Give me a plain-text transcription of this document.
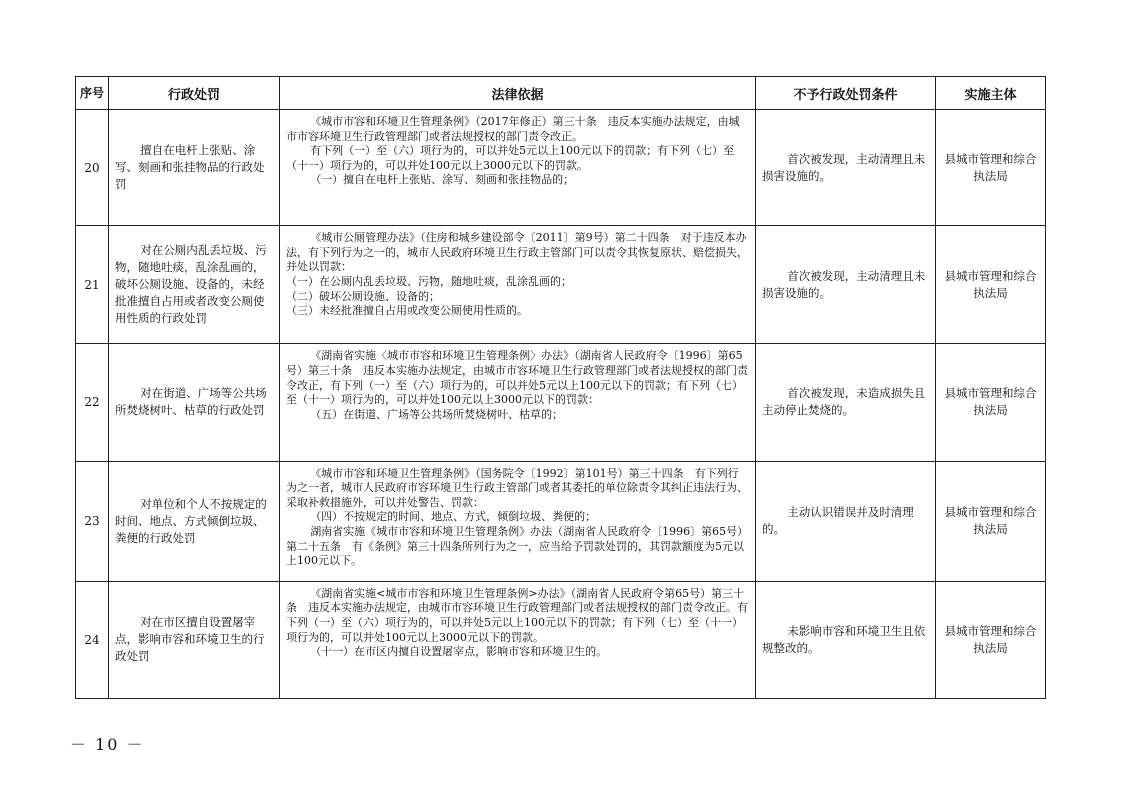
序号	行政处罚	法律依据	不予行政处罚条件	实施主体
20	擅自在电杆上张贴、涂写、刻画和张挂物品的行政处罚	《城市市容和环境卫生管理条例》（2017年修正）第三十条　违反本实施办法规定，由城市市容环境卫生行政管理部门或者法规授权的部门责令改正。

有下列（一）至（六）项行为的，可以并处5元以上100元以下的罚款；有下列（七）至（十一）项行为的，可以并处100元以上3000元以下的罚款。

（一）擅自在电杆上张贴、涂写、刻画和张挂物品的；	首次被发现，主动清理且未损害设施的。	县城市管理和综合执法局
21	对在公厕内乱丢垃圾、污物，随地吐痰，乱涂乱画的，破坏公厕设施、设备的，未经批准擅自占用或者改变公厕使用性质的行政处罚	《城市公厕管理办法》（住房和城乡建设部令〔2011〕第9号）第二十四条　对于违反本办法，有下列行为之一的，城市人民政府环境卫生行政主管部门可以责令其恢复原状、赔偿损失，并处以罚款：

（一）在公厕内乱丢垃圾、污物，随地吐痰，乱涂乱画的；

（二）破坏公厕设施、设备的；

（三）未经批准擅自占用或改变公厕使用性质的。	首次被发现，主动清理且未损害设施的。	县城市管理和综合执法局
22	对在街道、广场等公共场所焚烧树叶、枯草的行政处罚	《湖南省实施〈城市市容和环境卫生管理条例〉办法》（湖南省人民政府令〔1996〕第65号）第三十条　违反本实施办法规定，由城市市容环境卫生行政管理部门或者法规授权的部门责令改正，有下列（一）至（六）项行为的，可以并处5元以上100元以下的罚款；有下列（七）至（十一）项行为的，可以并处100元以上3000元以下的罚款：

（五）在街道、广场等公共场所焚烧树叶、枯草的；	首次被发现，未造成损失且主动停止焚烧的。	县城市管理和综合执法局
23	对单位和个人不按规定的时间、地点、方式倾倒垃圾、粪便的行政处罚	《城市市容和环境卫生管理条例》（国务院令〔1992〕第101号）第三十四条　有下列行为之一者，城市人民政府市容环境卫生行政主管部门或者其委托的单位除责令其纠正违法行为、采取补救措施外，可以并处警告、罚款：

（四）不按规定的时间、地点、方式，倾倒垃圾、粪便的；

湖南省实施《城市市容和环境卫生管理条例》办法（湖南省人民政府令〔1996〕第65号）第二十五条　有《条例》第三十四条所列行为之一，应当给予罚款处罚的，其罚款额度为5元以上100元以下。	主动认识错误并及时清理的。	县城市管理和综合执法局
24	对在市区擅自设置屠宰点，影响市容和环境卫生的行政处罚	《湖南省实施<城市市容和环境卫生管理条例>办法》（湖南省人民政府令第65号）第三十条　违反本实施办法规定，由城市市容环境卫生行政管理部门或者法规授权的部门责令改正。有下列（一）至（六）项行为的，可以并处5元以上100元以下的罚款；有下列（七）至（十一）项行为的，可以并处100元以上3000元以下的罚款。

（十一）在市区内擅自设置屠宰点，影响市容和环境卫生的。	未影响市容和环境卫生且依规整改的。	县城市管理和综合执法局
－ 10 －
